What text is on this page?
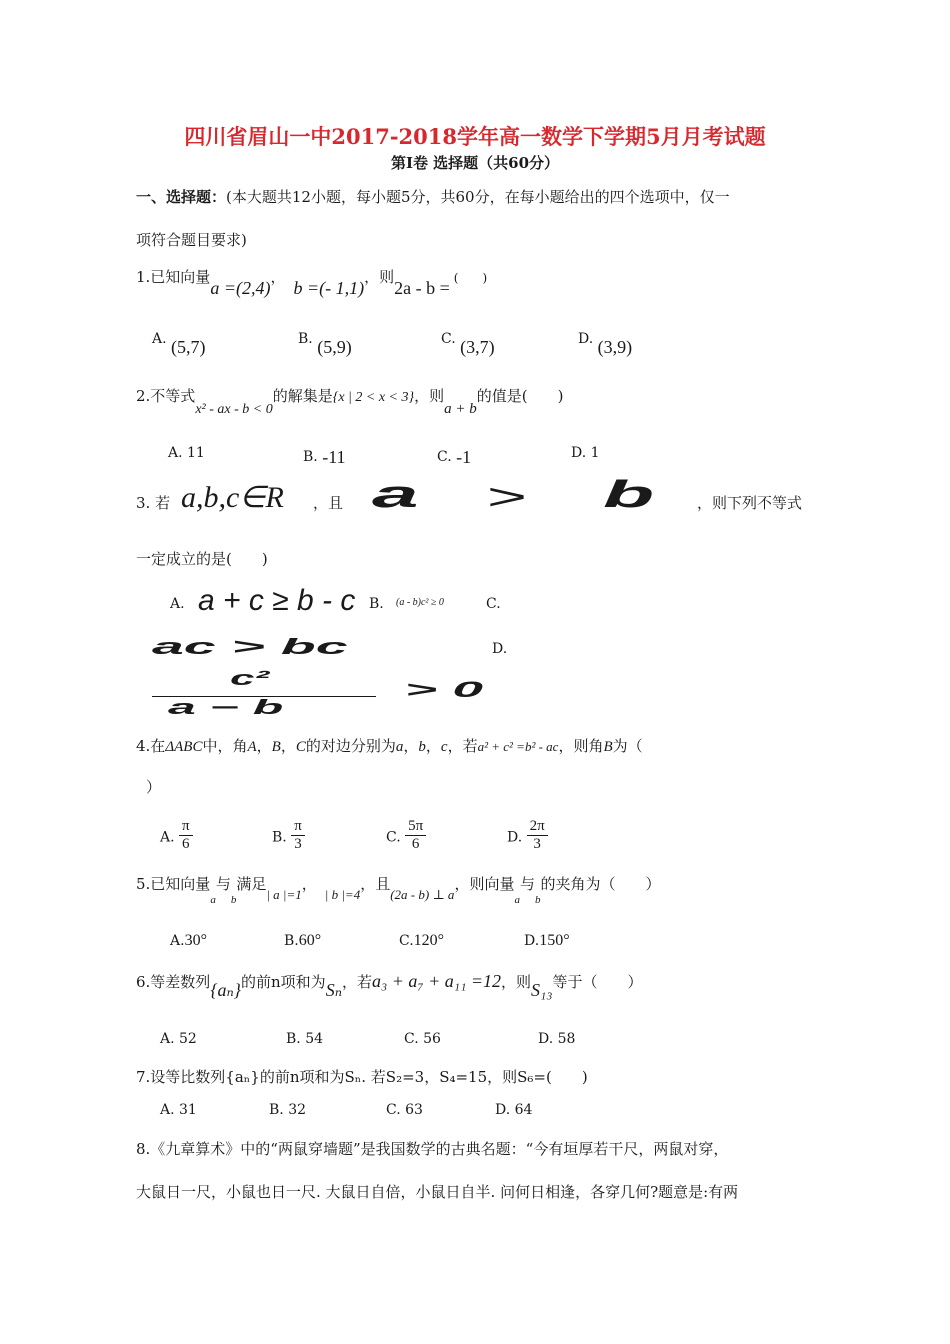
四川省眉山一中2017-2018学年高一数学下学期5月月考试题
第Ⅰ卷 选择题（共60分）
一、选择题：(本大题共12小题，每小题5分，共60分，在每小题给出的四个选项中，仅一
项符合题目要求)
1.已知向量a =(2,4)，b =(- 1,1)，则2a - b = (　　)
A. (5,7)	B. (5,9)	C. (3,7)	D. (3,9)
2.不等式x² - ax - b < 0的解集是{x | 2 < x < 3}，则a + b的值是(　　)
A. 11	B. -11	C. -1	D. 1
3. 若 a,b,c∈R ，且 a > b	，则下列不等式
一定成立的是(　　)
A. a + c ≥ b - c B. (a - b)c² ≥ 0	C.
ac > bc	D.
c²
a − b
> 0
4.在ΔABC中，角A，B，C的对边分别为a，b，c，若a² + c² =b² - ac，则角B为（
）
A. $\frac{\pi}{6}$	B. $\frac{\pi}{3}$	C. $\frac{5\pi}{6}$	D. $\frac{2\pi}{3}$
5.已知向量a与b满足| a |=1，| b |=4，且(2a - b) ⊥ a，则向量a与b的夹角为（　　）
A.30°	B.60°	C.120°	D.150°
6.等差数列{aₙ}的前n项和为Sₙ，若a₃ + a₇ + a₁₁ =12，则S₁₃等于（　　）
A. 52	B. 54	C. 56	D. 58
7.设等比数列{aₙ}的前n项和为Sₙ. 若S₂=3，S₄=15，则S₆=(　　)
A. 31	B. 32	C. 63	D. 64
8.《九章算术》中的“两鼠穿墙题”是我国数学的古典名题：“今有垣厚若干尺，两鼠对穿，
大鼠日一尺，小鼠也日一尺. 大鼠日自倍，小鼠日自半. 问何日相逢，各穿几何?题意是:有两
